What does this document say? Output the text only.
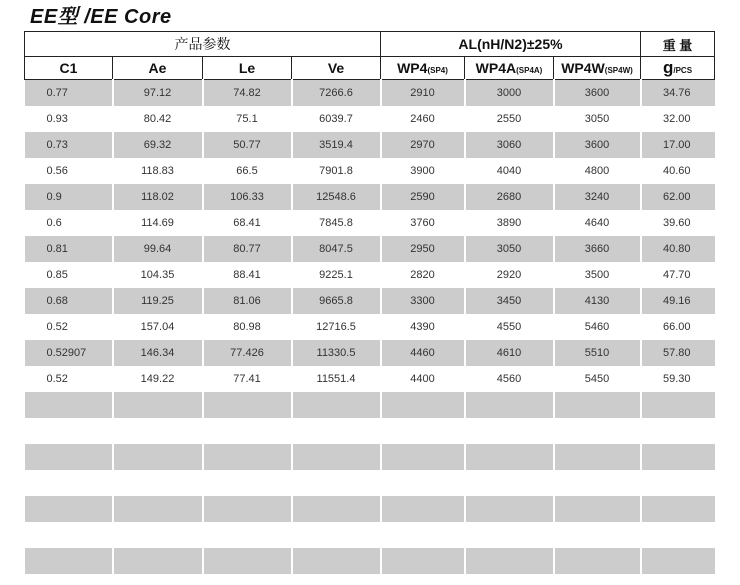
EE型 /EE Core
产品参数				AL(nH/N2)±25%			重 量
C1	Ae	Le	Ve	WP4(SP4)	WP4A(SP4A)	WP4W(SP4W)	g/PCS
0.77	97.12	74.82	7266.6	2910	3000	3600	34.76
0.93	80.42	75.1	6039.7	2460	2550	3050	32.00
0.73	69.32	50.77	3519.4	2970	3060	3600	17.00
0.56	118.83	66.5	7901.8	3900	4040	4800	40.60
0.9	118.02	106.33	12548.6	2590	2680	3240	62.00
0.6	114.69	68.41	7845.8	3760	3890	4640	39.60
0.81	99.64	80.77	8047.5	2950	3050	3660	40.80
0.85	104.35	88.41	9225.1	2820	2920	3500	47.70
0.68	119.25	81.06	9665.8	3300	3450	4130	49.16
0.52	157.04	80.98	12716.5	4390	4550	5460	66.00
0.52907	146.34	77.426	11330.5	4460	4610	5510	57.80
0.52	149.22	77.41	11551.4	4400	4560	5450	59.30
